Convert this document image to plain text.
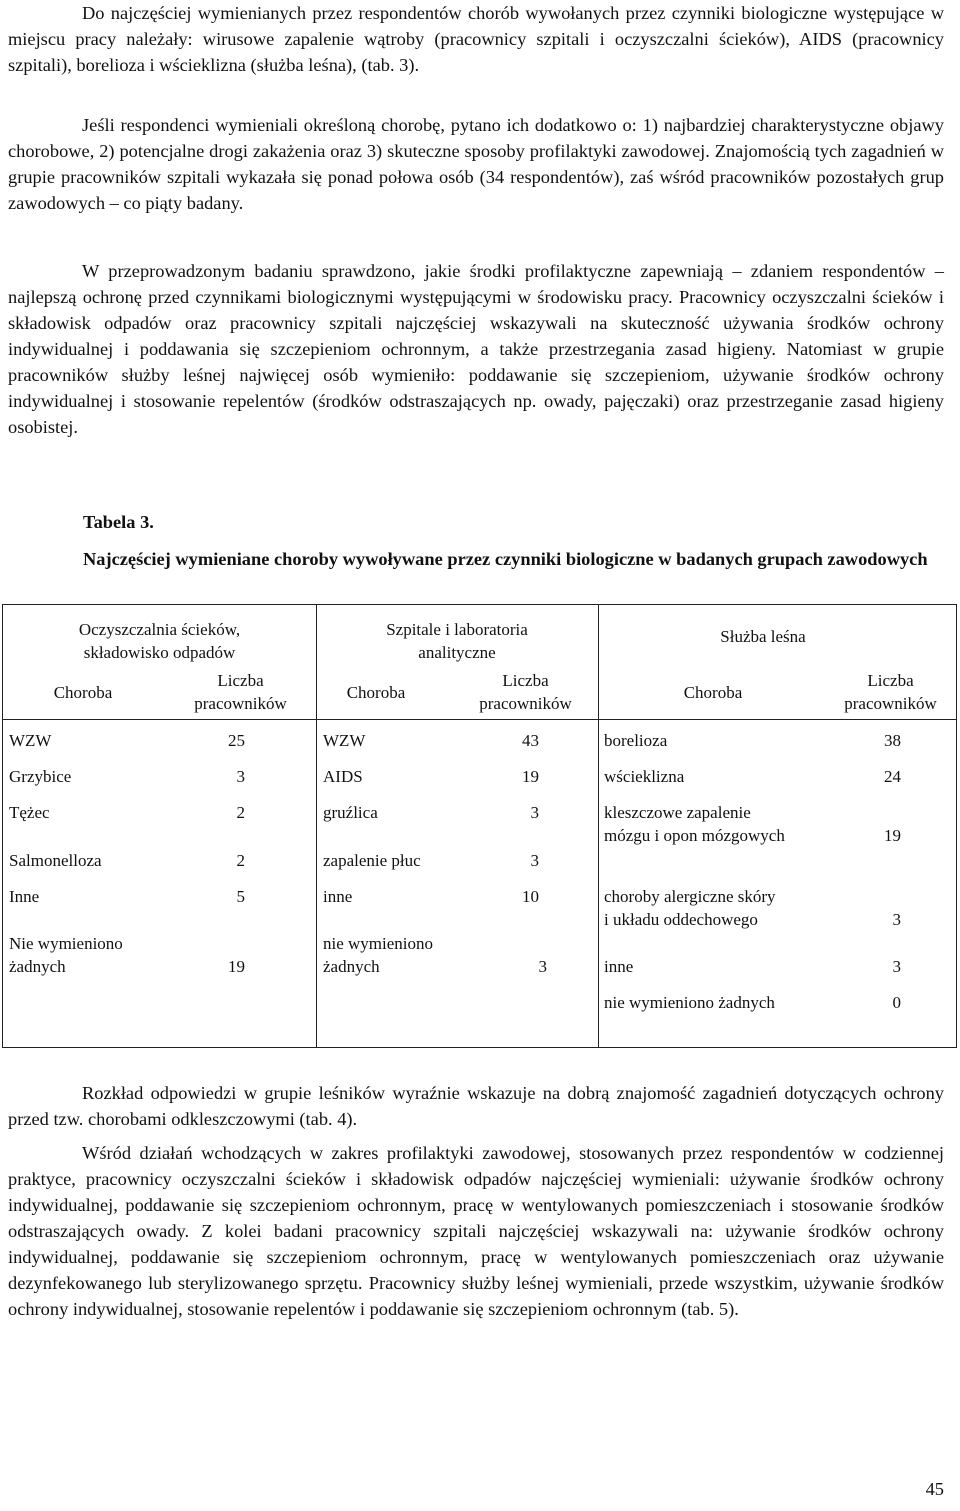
Do najczęściej wymienianych przez respondentów chorób wywołanych przez czynniki biologiczne występujące w miejscu pracy należały: wirusowe zapalenie wątroby (pracownicy szpitali i oczyszczalni ścieków), AIDS (pracownicy szpitali), borelioza i wścieklizna (służba leśna), (tab. 3).

Jeśli respondenci wymieniali określoną chorobę, pytano ich dodatkowo o: 1) najbardziej charakterystyczne objawy chorobowe, 2) potencjalne drogi zakażenia oraz 3) skuteczne sposoby profilaktyki zawodowej. Znajomością tych zagadnień w grupie pracowników szpitali wykazała się ponad połowa osób (34 respondentów), zaś wśród pracowników pozostałych grup zawodowych – co piąty badany.

W przeprowadzonym badaniu sprawdzono, jakie środki profilaktyczne zapewniają – zdaniem respondentów – najlepszą ochronę przed czynnikami biologicznymi występującymi w środowisku pracy. Pracownicy oczyszczalni ścieków i składowisk odpadów oraz pracownicy szpitali najczęściej wskazywali na skuteczność używania środków ochrony indywidualnej i poddawania się szczepieniom ochronnym, a także przestrzegania zasad higieny. Natomiast w grupie pracowników służby leśnej najwięcej osób wymieniło: poddawanie się szczepieniom, używanie środków ochrony indywidualnej i stosowanie repelentów (środków odstraszających np. owady, pajęczaki) oraz przestrzeganie zasad higieny osobistej.

Tabela 3.

Najczęściej wymieniane choroby wywoływane przez czynniki biologiczne w badanych grupach zawodowych

Oczyszczalnia ścieków,
składowisko odpadów
Choroba
Liczba
pracowników
Szpitale i laboratoria
analityczne
Choroba
Liczba
pracowników
Służba leśna
Choroba
Liczba
pracowników
WZW	25
Grzybice	3
Tężec	2
Salmonelloza	2
Inne	5
Nie wymieniono
żadnych	19
WZW	43
AIDS	19
gruźlica	3
zapalenie płuc	3
inne	10
nie wymieniono
żadnych	3
borelioza	38
wścieklizna	24
kleszczowe zapalenie
mózgu i opon mózgowych	19
choroby alergiczne skóry
i układu oddechowego	3
inne	3
nie wymieniono żadnych	0

Rozkład odpowiedzi w grupie leśników wyraźnie wskazuje na dobrą znajomość zagadnień dotyczących ochrony przed tzw. chorobami odkleszczowymi (tab. 4).

Wśród działań wchodzących w zakres profilaktyki zawodowej, stosowanych przez respondentów w codziennej praktyce, pracownicy oczyszczalni ścieków i składowisk odpadów najczęściej wymieniali: używanie środków ochrony indywidualnej, poddawanie się szczepieniom ochronnym, pracę w wentylowanych pomieszczeniach i stosowanie środków odstraszających owady. Z kolei badani pracownicy szpitali najczęściej wskazywali na: używanie środków ochrony indywidualnej, poddawanie się szczepieniom ochronnym, pracę w wentylowanych pomieszczeniach oraz używanie dezynfekowanego lub sterylizowanego sprzętu. Pracownicy służby leśnej wymieniali, przede wszystkim, używanie środków ochrony indywidualnej, stosowanie repelentów i poddawanie się szczepieniom ochronnym (tab. 5).

45
